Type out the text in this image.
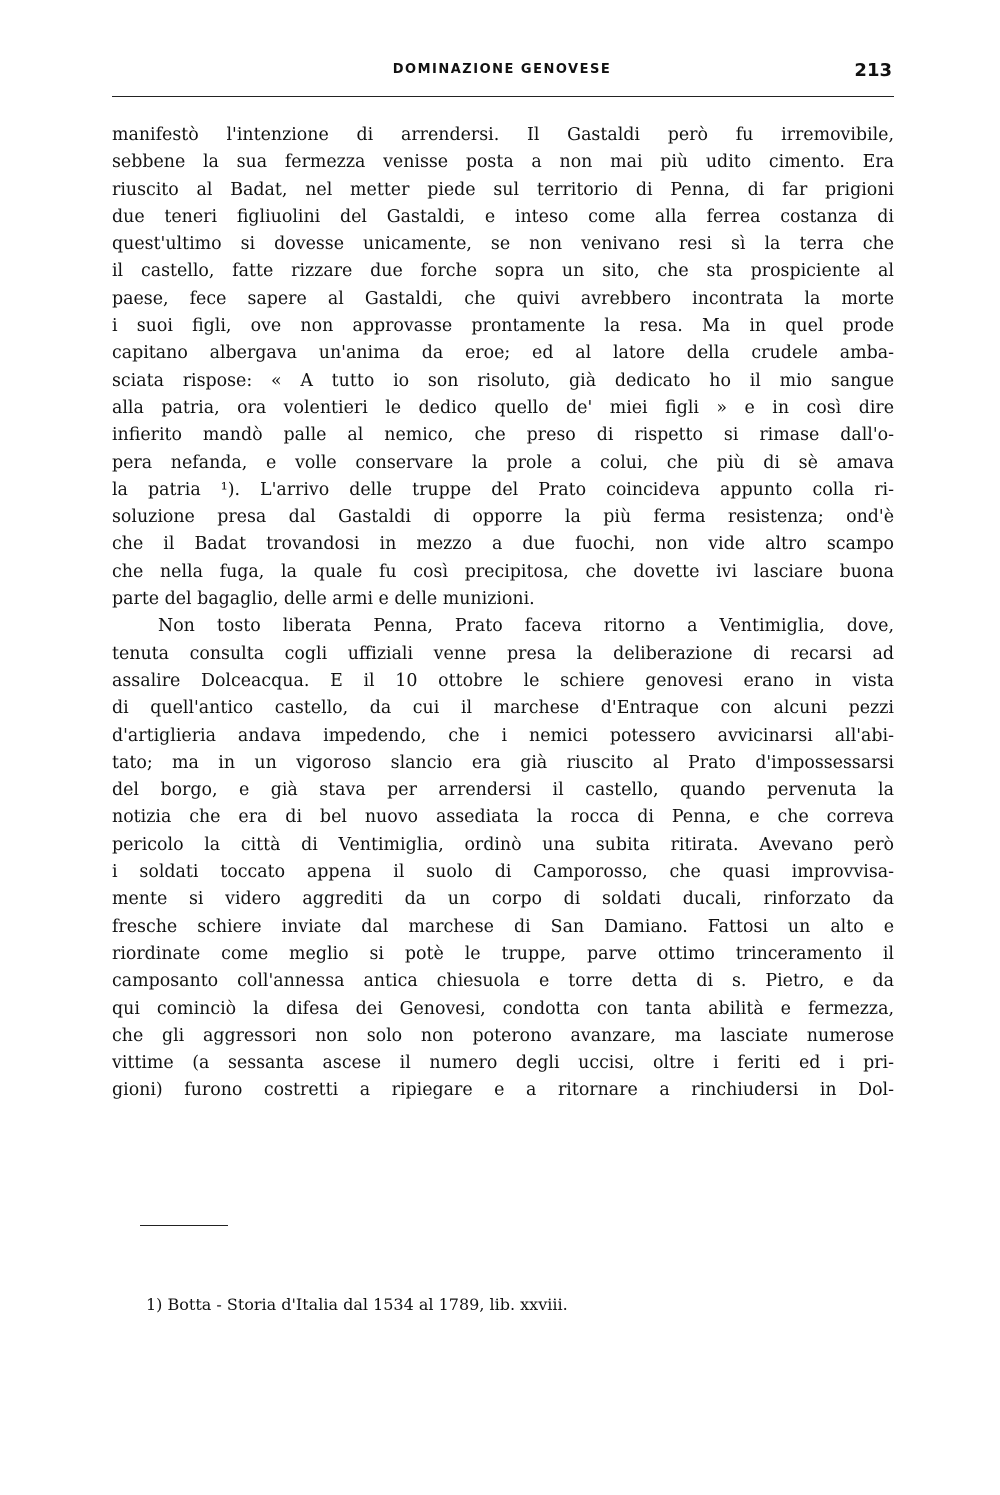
DOMINAZIONE GENOVESE	213
manifestò l'intenzione di arrendersi. Il Gastaldi però fu irremovibile,
sebbene la sua fermezza venisse posta a non mai più udito cimento. Era
riuscito al Badat, nel metter piede sul territorio di Penna, di far prigioni
due teneri figliuolini del Gastaldi, e inteso come alla ferrea costanza di
quest'ultimo si dovesse unicamente, se non venivano resi sì la terra che
il castello, fatte rizzare due forche sopra un sito, che sta prospiciente al
paese, fece sapere al Gastaldi, che quivi avrebbero incontrata la morte
i suoi figli, ove non approvasse prontamente la resa. Ma in quel prode
capitano albergava un'anima da eroe; ed al latore della crudele amba-
sciata rispose: « A tutto io son risoluto, già dedicato ho il mio sangue
alla patria, ora volentieri le dedico quello de' miei figli » e in così dire
infierito mandò palle al nemico, che preso di rispetto si rimase dall'o-
pera nefanda, e volle conservare la prole a colui, che più di sè amava
la patria ¹). L'arrivo delle truppe del Prato coincideva appunto colla ri-
soluzione presa dal Gastaldi di opporre la più ferma resistenza; ond'è
che il Badat trovandosi in mezzo a due fuochi, non vide altro scampo
che nella fuga, la quale fu così precipitosa, che dovette ivi lasciare buona
parte del bagaglio, delle armi e delle munizioni.
Non tosto liberata Penna, Prato faceva ritorno a Ventimiglia, dove,
tenuta consulta cogli uffiziali venne presa la deliberazione di recarsi ad
assalire Dolceacqua. E il 10 ottobre le schiere genovesi erano in vista
di quell'antico castello, da cui il marchese d'Entraque con alcuni pezzi
d'artiglieria andava impedendo, che i nemici potessero avvicinarsi all'abi-
tato; ma in un vigoroso slancio era già riuscito al Prato d'impossessarsi
del borgo, e già stava per arrendersi il castello, quando pervenuta la
notizia che era di bel nuovo assediata la rocca di Penna, e che correva
pericolo la città di Ventimiglia, ordinò una subita ritirata. Avevano però
i soldati toccato appena il suolo di Camporosso, che quasi improvvisa-
mente si videro aggrediti da un corpo di soldati ducali, rinforzato da
fresche schiere inviate dal marchese di San Damiano. Fattosi un alto e
riordinate come meglio si potè le truppe, parve ottimo trinceramento il
camposanto coll'annessa antica chiesuola e torre detta di s. Pietro, e da
qui cominciò la difesa dei Genovesi, condotta con tanta abilità e fermezza,
che gli aggressori non solo non poterono avanzare, ma lasciate numerose
vittime (a sessanta ascese il numero degli uccisi, oltre i feriti ed i pri-
gioni) furono costretti a ripiegare e a ritornare a rinchiudersi in Dol-
1) Botta - Storia d'Italia dal 1534 al 1789, lib. xxviii.
